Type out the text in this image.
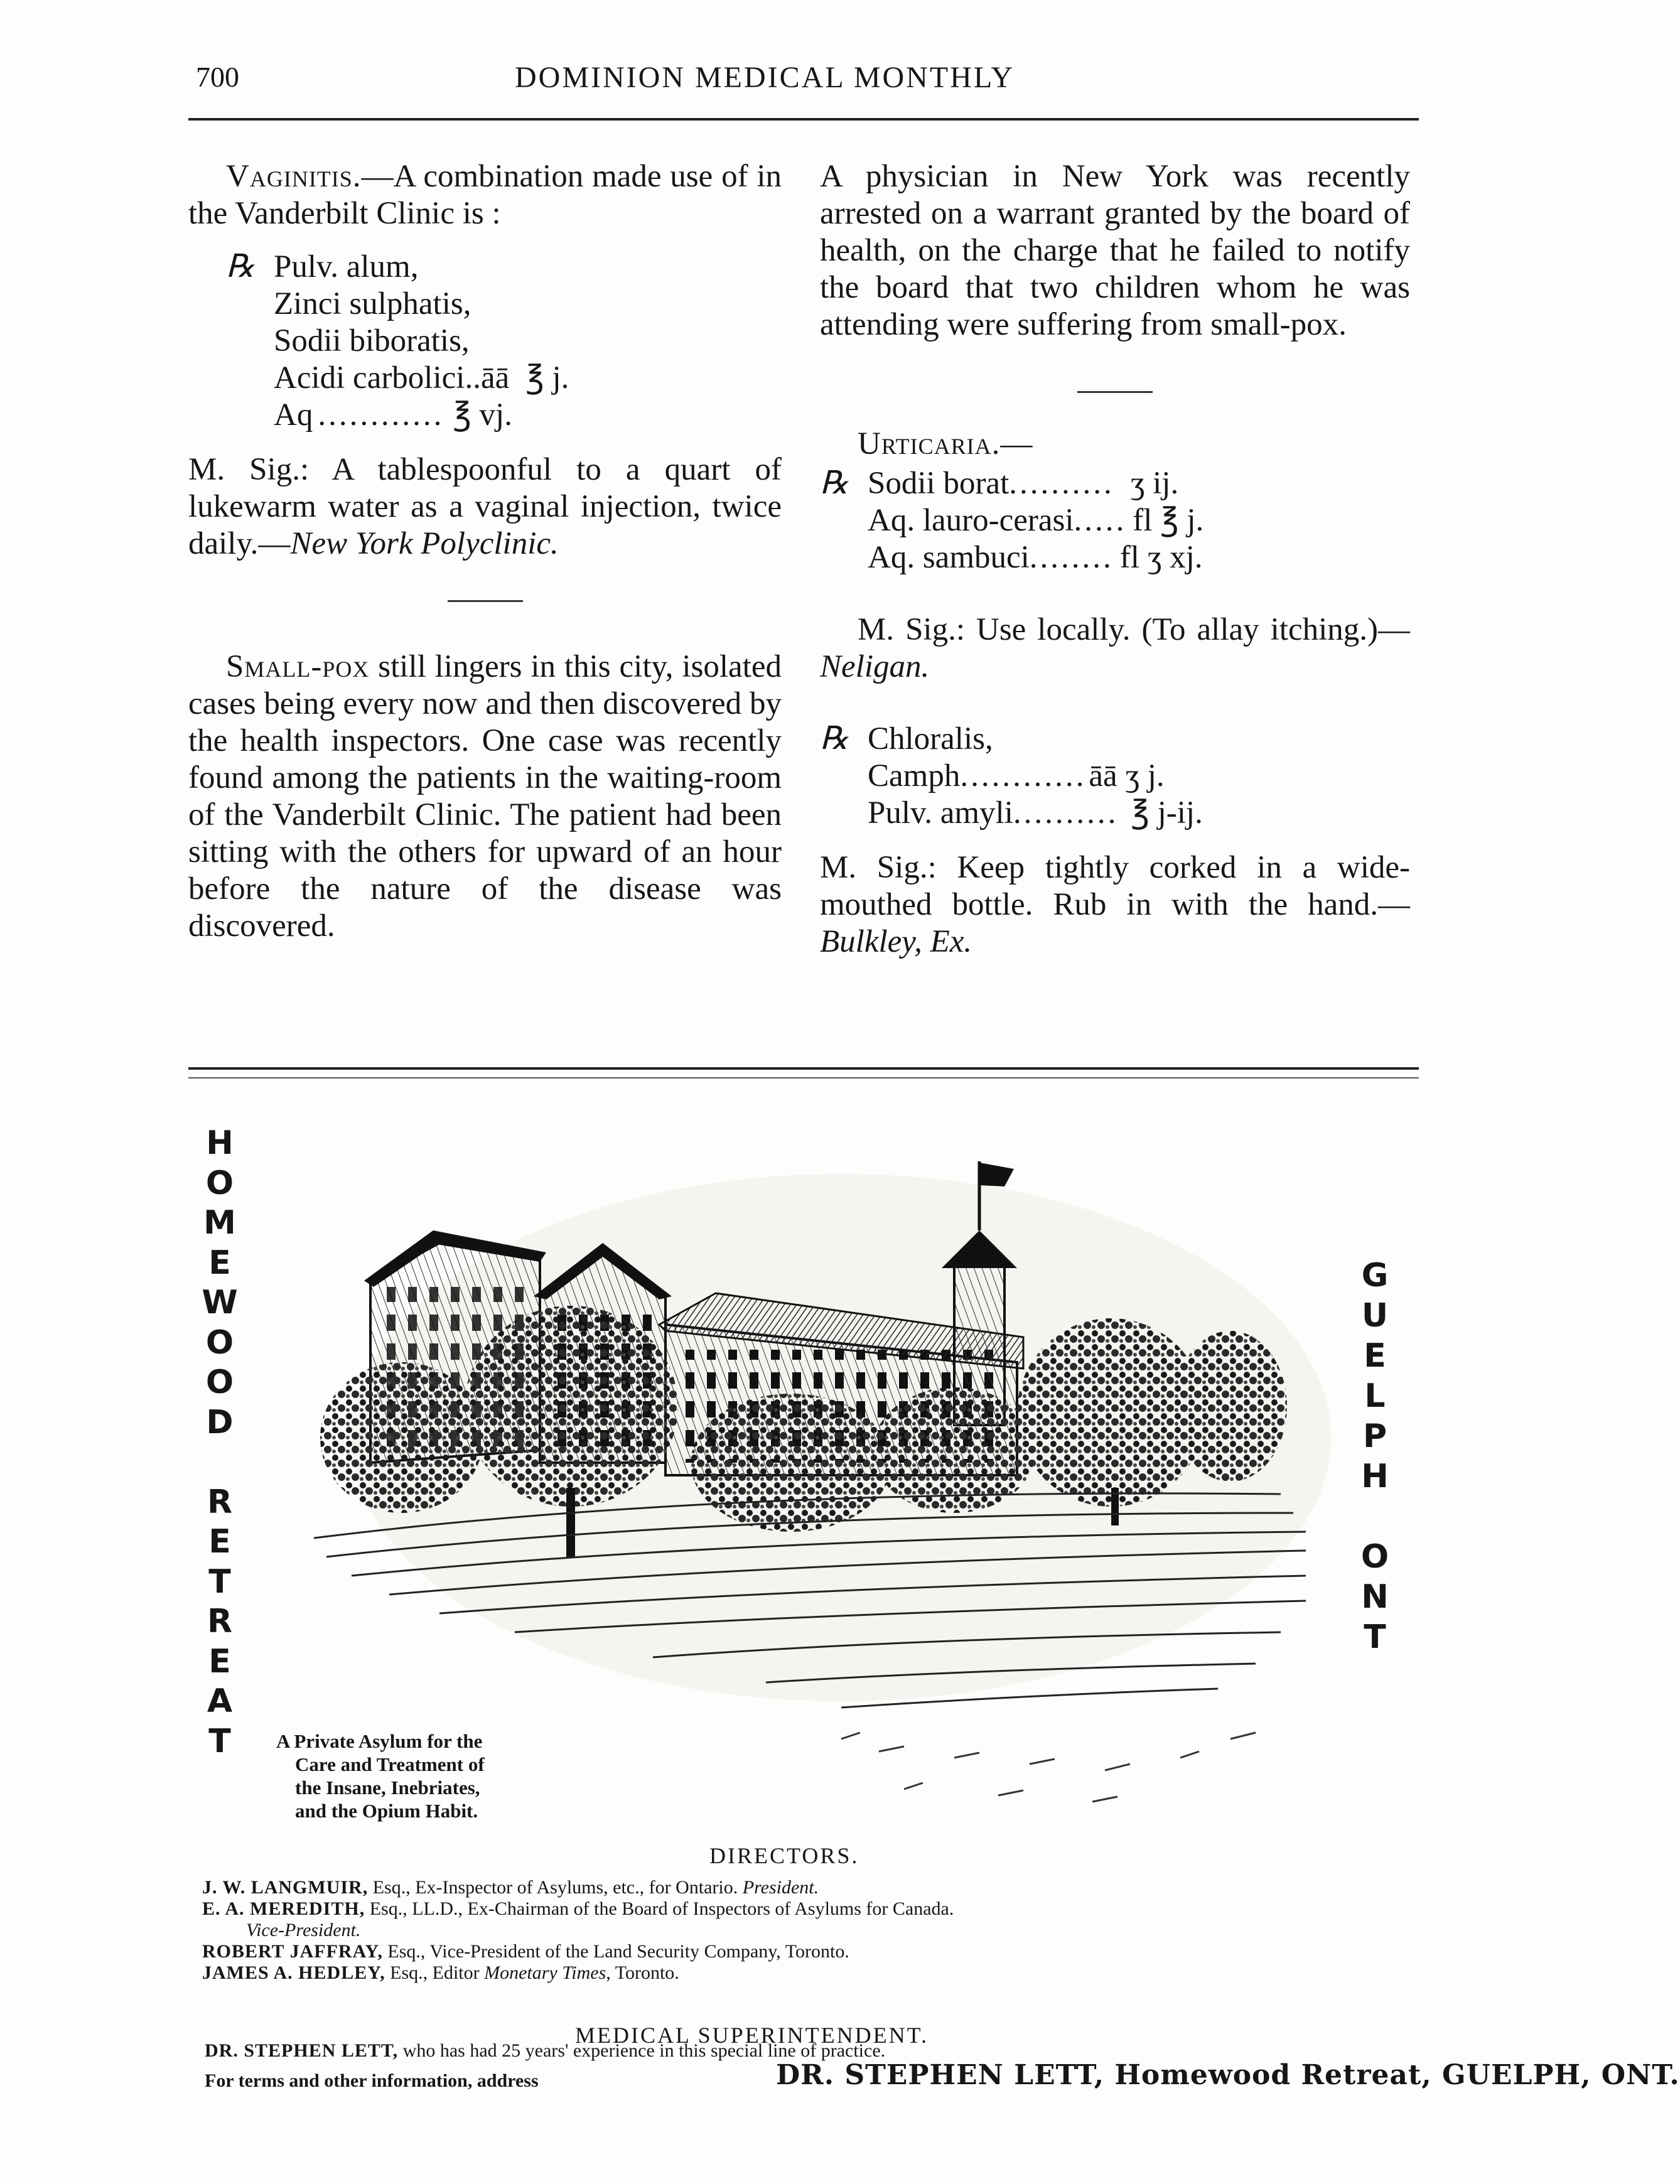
700	DOMINION MEDICAL MONTHLY

Vaginitis.—A combination made use of in the Vanderbilt Clinic is :

℞ Pulv. alum,
Zinci sulphatis,
Sodii biboratis,
Acidi carbolici..āā ℥ j.
Aq ............ ℥ vj.

M. Sig.: A tablespoonful to a quart of lukewarm water as a vaginal injection, twice daily.—New York Polyclinic.

Small-pox still lingers in this city, isolated cases being every now and then discovered by the health inspectors. One case was recently found among the patients in the waiting-room of the Vanderbilt Clinic. The patient had been sitting with the others for upward of an hour before the nature of the disease was discovered.

A physician in New York was recently arrested on a warrant granted by the board of health, on the charge that he failed to notify the board that two children whom he was attending were suffering from small-pox.

Urticaria.—

℞ Sodii borat .......... ʒ ij.
Aq. lauro-cerasi ..... fl ℥ j.
Aq. sambuci ........ fl ʒ xj.

M. Sig.: Use locally. (To allay itching.)—Neligan.

℞ Chloralis,
Camph ............ āā ʒ j.
Pulv. amyli .......... ℥ j-ij.

M. Sig.: Keep tightly corked in a wide-mouthed bottle. Rub in with the hand.—Bulkley, Ex.

H
O
M
E
W
O
O
D

R
E
T
R
E
A
T
G
U
E
L
P
H

O
N
T
A Private Asylum for the
Care and Treatment of
the Insane, Inebriates,
and the Opium Habit.
DIRECTORS.
J. W. LANGMUIR, Esq., Ex-Inspector of Asylums, etc., for Ontario. President.
E. A. MEREDITH, Esq., LL.D., Ex-Chairman of the Board of Inspectors of Asylums for Canada.
Vice-President.
ROBERT JAFFRAY, Esq., Vice-President of the Land Security Company, Toronto.
JAMES A. HEDLEY, Esq., Editor Monetary Times, Toronto.
MEDICAL SUPERINTENDENT.
DR. STEPHEN LETT, who has had 25 years' experience in this special line of practice.
For terms and other information, address	DR. STEPHEN LETT, Homewood Retreat, GUELPH, ONT.
